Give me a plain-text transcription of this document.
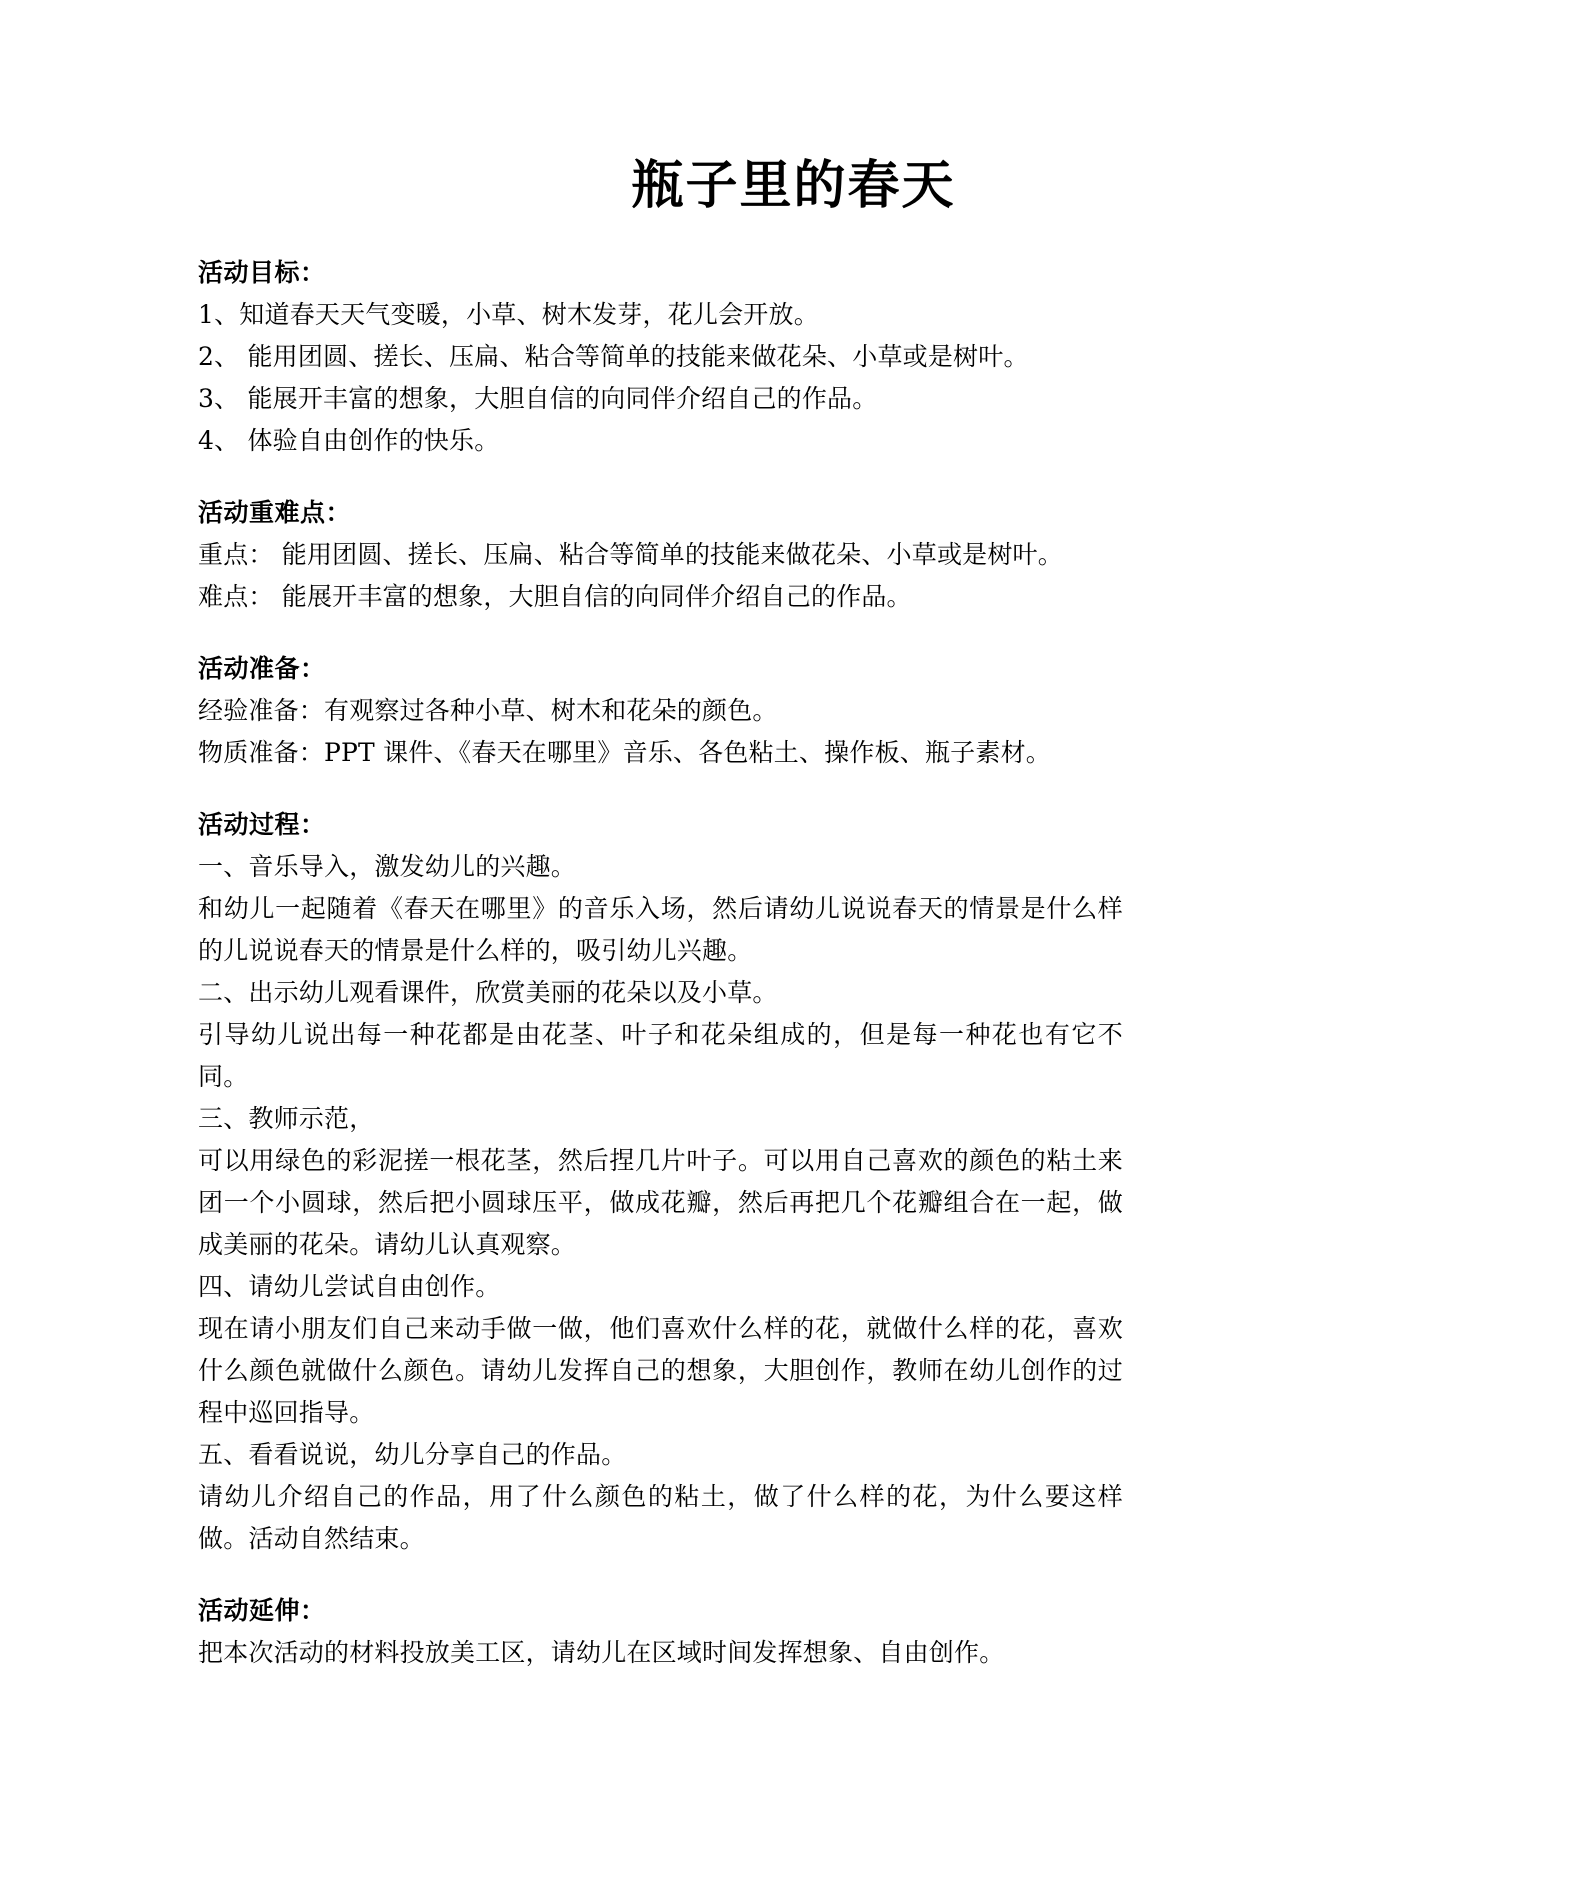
瓶子里的春天

活动目标：

1、知道春天天气变暖，小草、树木发芽，花儿会开放。

2、 能用团圆、搓长、压扁、粘合等简单的技能来做花朵、小草或是树叶。

3、 能展开丰富的想象，大胆自信的向同伴介绍自己的作品。

4、 体验自由创作的快乐。

活动重难点：

重点： 能用团圆、搓长、压扁、粘合等简单的技能来做花朵、小草或是树叶。

难点： 能展开丰富的想象，大胆自信的向同伴介绍自己的作品。

活动准备：

经验准备：有观察过各种小草、树木和花朵的颜色。

物质准备：PPT 课件、《春天在哪里》音乐、各色粘土、操作板、瓶子素材。

活动过程：

一、音乐导入，激发幼儿的兴趣。

和幼儿一起随着《春天在哪里》的音乐入场，然后请幼儿说说春天的情景是什么样的儿说说春天的情景是什么样的，吸引幼儿兴趣。

二、出示幼儿观看课件，欣赏美丽的花朵以及小草。

引导幼儿说出每一种花都是由花茎、叶子和花朵组成的，但是每一种花也有它不同。

三、教师示范，

可以用绿色的彩泥搓一根花茎，然后捏几片叶子。可以用自己喜欢的颜色的粘土来团一个小圆球，然后把小圆球压平，做成花瓣，然后再把几个花瓣组合在一起，做成美丽的花朵。请幼儿认真观察。

四、请幼儿尝试自由创作。

现在请小朋友们自己来动手做一做，他们喜欢什么样的花，就做什么样的花，喜欢什么颜色就做什么颜色。请幼儿发挥自己的想象，大胆创作，教师在幼儿创作的过程中巡回指导。

五、看看说说，幼儿分享自己的作品。

请幼儿介绍自己的作品，用了什么颜色的粘土，做了什么样的花，为什么要这样做。活动自然结束。

活动延伸：

把本次活动的材料投放美工区，请幼儿在区域时间发挥想象、自由创作。
